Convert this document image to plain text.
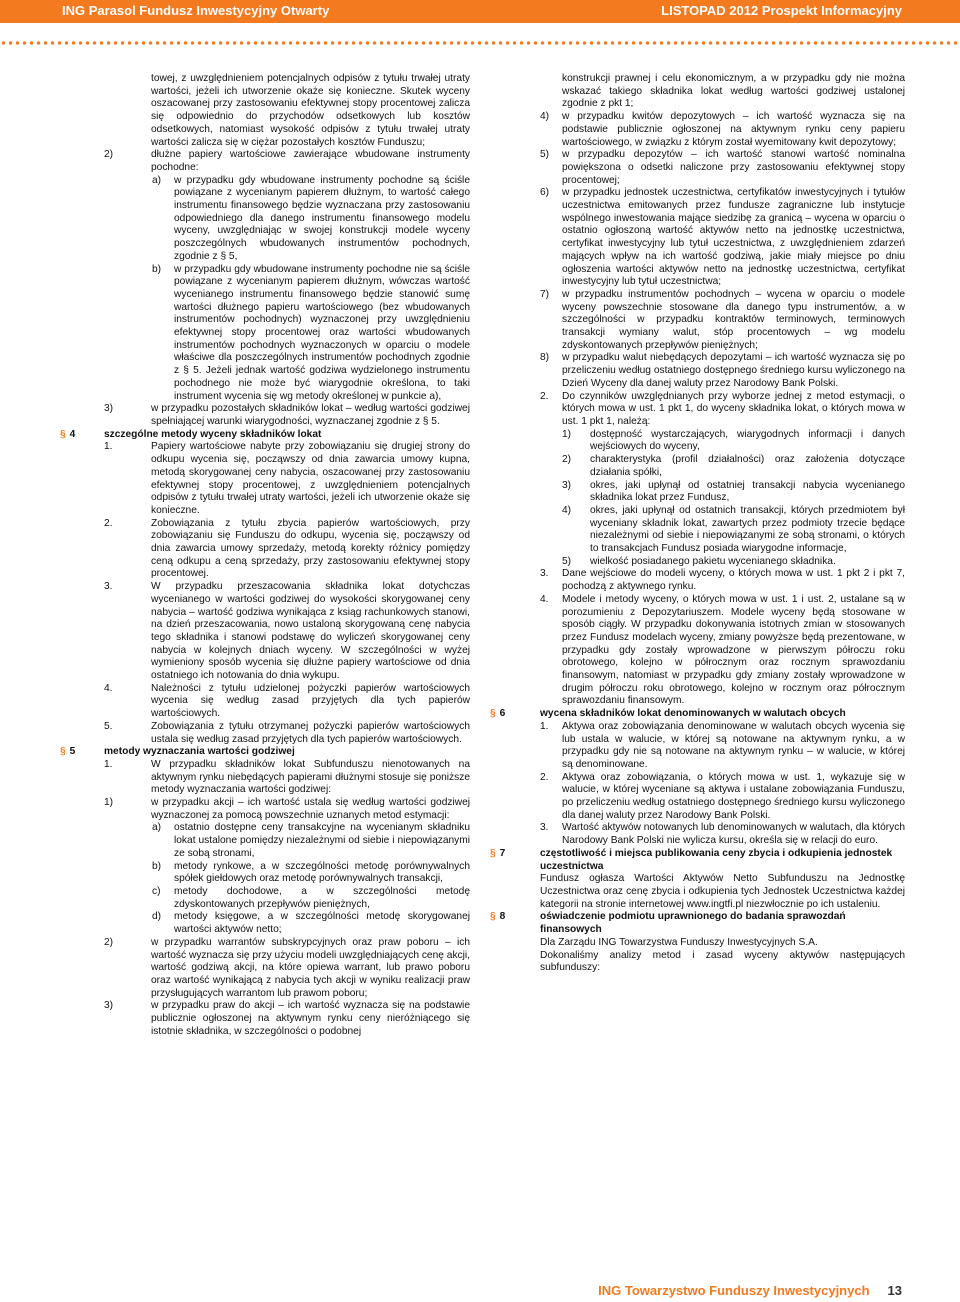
ING Parasol Fundusz Inwestycyjny Otwarty	LISTOPAD 2012 Prospekt Informacyjny

towej, z uwzględnieniem potencjalnych odpisów z tytułu trwałej utraty wartości, jeżeli ich utworzenie okaże się konieczne. Skutek wyceny oszacowanej przy zastosowaniu efektywnej stopy procentowej zalicza się odpowiednio do przychodów odsetkowych lub kosztów odsetkowych, natomiast wysokość odpisów z tytułu trwałej utraty wartości zalicza się w ciężar pozostałych kosztów Funduszu;

2)	dłużne papiery wartościowe zawierające wbudowane instrumenty pochodne:
a) w przypadku gdy wbudowane instrumenty pochodne są ściśle powiązane z wycenianym papierem dłużnym, to wartość całego instrumentu finansowego będzie wyznaczana przy zastosowaniu odpowiedniego dla danego instrumentu finansowego modelu wyceny, uwzględniając w swojej konstrukcji modele wyceny poszczególnych wbudowanych instrumentów pochodnych, zgodnie z § 5,
b) w przypadku gdy wbudowane instrumenty pochodne nie są ściśle powiązane z wycenianym papierem dłużnym, wówczas wartość wycenianego instrumentu finansowego będzie stanowić sumę wartości dłużnego papieru wartościowego (bez wbudowanych instrumentów pochodnych) wyznaczonej przy uwzględnieniu efektywnej stopy procentowej oraz wartości wbudowanych instrumentów pochodnych wyznaczonych w oparciu o modele właściwe dla poszczególnych instrumentów pochodnych zgodnie z § 5. Jeżeli jednak wartość godziwa wydzielonego instrumentu pochodnego nie może być wiarygodnie określona, to taki instrument wycenia się wg metody określonej w punkcie a),
3)	w przypadku pozostałych składników lokat – według wartości godziwej spełniającej warunki wiarygodności, wyznaczanej zgodnie z § 5.
§ 4	szczególne metody wyceny składników lokat
1.	Papiery wartościowe nabyte przy zobowiązaniu się drugiej strony do odkupu wycenia się, począwszy od dnia zawarcia umowy kupna, metodą skorygowanej ceny nabycia, oszacowanej przy zastosowaniu efektywnej stopy procentowej, z uwzględnieniem potencjalnych odpisów z tytułu trwałej utraty wartości, jeżeli ich utworzenie okaże się konieczne.
2.	Zobowiązania z tytułu zbycia papierów wartościowych, przy zobowiązaniu się Funduszu do odkupu, wycenia się, począwszy od dnia zawarcia umowy sprzedaży, metodą korekty różnicy pomiędzy ceną odkupu a ceną sprzedaży, przy zastosowaniu efektywnej stopy procentowej.
3.	W przypadku przeszacowania składnika lokat dotychczas wycenianego w wartości godziwej do wysokości skorygowanej ceny nabycia – wartość godziwa wynikająca z ksiąg rachunkowych stanowi, na dzień przeszacowania, nowo ustaloną skorygowaną cenę nabycia tego składnika i stanowi podstawę do wyliczeń skorygowanej ceny nabycia w kolejnych dniach wyceny. W szczególności w wyżej wymieniony sposób wycenia się dłużne papiery wartościowe od dnia ostatniego ich notowania do dnia wykupu.
4.	Należności z tytułu udzielonej pożyczki papierów wartościowych wycenia się według zasad przyjętych dla tych papierów wartościowych.
5.	Zobowiązania z tytułu otrzymanej pożyczki papierów wartościowych ustala się według zasad przyjętych dla tych papierów wartościowych.
§ 5	metody wyznaczania wartości godziwej
1.	W przypadku składników lokat Subfunduszu nienotowanych na aktywnym rynku niebędących papierami dłużnymi stosuje się poniższe metody wyznaczania wartości godziwej:
1)	w przypadku akcji – ich wartość ustala się według wartości godziwej wyznaczonej za pomocą powszechnie uznanych metod estymacji:
a) ostatnio dostępne ceny transakcyjne na wycenianym składniku lokat ustalone pomiędzy niezależnymi od siebie i niepowiązanymi ze sobą stronami,
b) metody rynkowe, a w szczególności metodę porównywalnych spółek giełdowych oraz metodę porównywalnych transakcji,
c) metody dochodowe, a w szczególności metodę zdyskontowanych przepływów pieniężnych,
d) metody księgowe, a w szczególności metodę skorygowanej wartości aktywów netto;
2)	w przypadku warrantów subskrypcyjnych oraz praw poboru – ich wartość wyznacza się przy użyciu modeli uwzględniających cenę akcji, wartość godziwą akcji, na które opiewa warrant, lub prawo poboru oraz wartość wynikającą z nabycia tych akcji w wyniku realizacji praw przysługujących warrantom lub prawom poboru;
3)	w przypadku praw do akcji – ich wartość wyznacza się na podstawie publicznie ogłoszonej na aktywnym rynku ceny nieróżniącego się istotnie składnika, w szczególności o podobnej

konstrukcji prawnej i celu ekonomicznym, a w przypadku gdy nie można wskazać takiego składnika lokat według wartości godziwej ustalonej zgodnie z pkt 1;

4) w przypadku kwitów depozytowych – ich wartość wyznacza się na podstawie publicznie ogłoszonej na aktywnym rynku ceny papieru wartościowego, w związku z którym został wyemitowany kwit depozytowy;
5) w przypadku depozytów – ich wartość stanowi wartość nominalna powiększona o odsetki naliczone przy zastosowaniu efektywnej stopy procentowej;
6) w przypadku jednostek uczestnictwa, certyfikatów inwestycyjnych i tytułów uczestnictwa emitowanych przez fundusze zagraniczne lub instytucje wspólnego inwestowania mające siedzibę za granicą – wycena w oparciu o ostatnio ogłoszoną wartość aktywów netto na jednostkę uczestnictwa, certyfikat inwestycyjny lub tytuł uczestnictwa, z uwzględnieniem zdarzeń mających wpływ na ich wartość godziwą, jakie miały miejsce po dniu ogłoszenia wartości aktywów netto na jednostkę uczestnictwa, certyfikat inwestycyjny lub tytuł uczestnictwa;
7) w przypadku instrumentów pochodnych – wycena w oparciu o modele wyceny powszechnie stosowane dla danego typu instrumentów, a w szczególności w przypadku kontraktów terminowych, terminowych transakcji wymiany walut, stóp procentowych – wg modelu zdyskontowanych przepływów pieniężnych;
8) w przypadku walut niebędących depozytami – ich wartość wyznacza się po przeliczeniu według ostatniego dostępnego średniego kursu wyliczonego na Dzień Wyceny dla danej waluty przez Narodowy Bank Polski.
2. Do czynników uwzględnianych przy wyborze jednej z metod estymacji, o których mowa w ust. 1 pkt 1, do wyceny składnika lokat, o których mowa w ust. 1 pkt 1, należą:
1) dostępność wystarczających, wiarygodnych informacji i danych wejściowych do wyceny,
2) charakterystyka (profil działalności) oraz założenia dotyczące działania spółki,
3) okres, jaki upłynął od ostatniej transakcji nabycia wycenianego składnika lokat przez Fundusz,
4) okres, jaki upłynął od ostatnich transakcji, których przedmiotem był wyceniany składnik lokat, zawartych przez podmioty trzecie będące niezależnymi od siebie i niepowiązanymi ze sobą stronami, o których to transakcjach Fundusz posiada wiarygodne informacje,
5) wielkość posiadanego pakietu wycenianego składnika.
3. Dane wejściowe do modeli wyceny, o których mowa w ust. 1 pkt 2 i pkt 7, pochodzą z aktywnego rynku.
4. Modele i metody wyceny, o których mowa w ust. 1 i ust. 2, ustalane są w porozumieniu z Depozytariuszem. Modele wyceny będą stosowane w sposób ciągły. W przypadku dokonywania istotnych zmian w stosowanych przez Fundusz modelach wyceny, zmiany powyższe będą prezentowane, w przypadku gdy zostały wprowadzone w pierwszym półroczu roku obrotowego, kolejno w półrocznym oraz rocznym sprawozdaniu finansowym, natomiast w przypadku gdy zmiany zostały wprowadzone w drugim półroczu roku obrotowego, kolejno w rocznym oraz półrocznym sprawozdaniu finansowym.
§ 6	wycena składników lokat denominowanych w walutach obcych
1. Aktywa oraz zobowiązania denominowane w walutach obcych wycenia się lub ustala w walucie, w której są notowane na aktywnym rynku, a w przypadku gdy nie są notowane na aktywnym rynku – w walucie, w której są denominowane.
2. Aktywa oraz zobowiązania, o których mowa w ust. 1, wykazuje się w walucie, w której wyceniane są aktywa i ustalane zobowiązania Funduszu, po przeliczeniu według ostatniego dostępnego średniego kursu wyliczonego dla danej waluty przez Narodowy Bank Polski.
3. Wartość aktywów notowanych lub denominowanych w walutach, dla których Narodowy Bank Polski nie wylicza kursu, określa się w relacji do euro.
§ 7	częstotliwość i miejsca publikowania ceny zbycia i odkupienia jednostek uczestnictwa

Fundusz ogłasza Wartości Aktywów Netto Subfunduszu na Jednostkę Uczestnictwa oraz cenę zbycia i odkupienia tych Jednostek Uczestnictwa każdej kategorii na stronie internetowej www.ingtfi.pl niezwłocznie po ich ustaleniu.

§ 8	oświadczenie podmiotu uprawnionego do badania sprawozdań finansowych

Dla Zarządu ING Towarzystwa Funduszy Inwestycyjnych S.A.

Dokonaliśmy analizy metod i zasad wyceny aktywów następujących subfunduszy:

ING Towarzystwo Funduszy Inwestycyjnych 13
